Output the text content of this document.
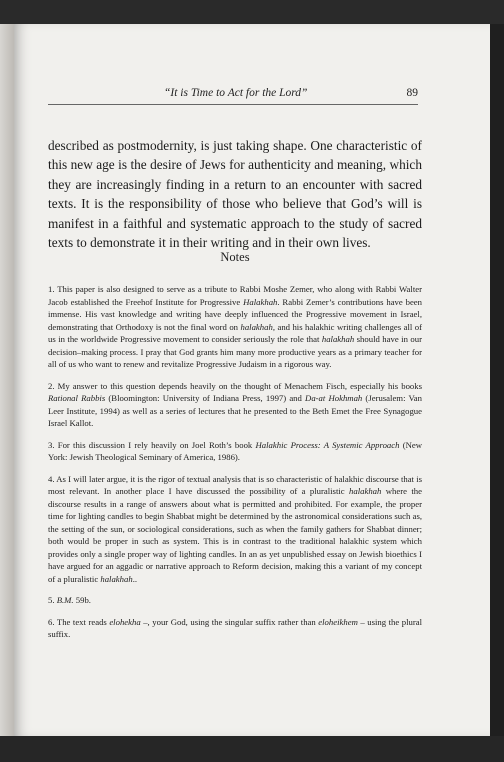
“It is Time to Act for the Lord”	89

described as postmodernity, is just taking shape. One characteristic of this new age is the desire of Jews for authenticity and meaning, which they are increasingly finding in a return to an encounter with sacred texts. It is the responsibility of those who believe that God’s will is manifest in a faithful and systematic approach to the study of sacred texts to demonstrate it in their writing and in their own lives.

Notes

1. This paper is also designed to serve as a tribute to Rabbi Moshe Zemer, who along with Rabbi Walter Jacob established the Freehof Institute for Progressive Halakhah. Rabbi Zemer’s contributions have been immense. His vast knowledge and writing have deeply influenced the Progressive movement in Israel, demonstrating that Orthodoxy is not the final word on halakhah, and his halakhic writing challenges all of us in the worldwide Progressive movement to consider seriously the role that halakhah should have in our decision–making process. I pray that God grants him many more productive years as a primary teacher for all of us who want to renew and revitalize Progressive Judaism in a rigorous way.

2. My answer to this question depends heavily on the thought of Menachem Fisch, especially his books Rational Rabbis (Bloomington: University of Indiana Press, 1997) and Da-at Hokhmah (Jerusalem: Van Leer Institute, 1994) as well as a series of lectures that he presented to the Beth Emet the Free Synagogue Israel Kallot.

3. For this discussion I rely heavily on Joel Roth’s book Halakhic Process: A Systemic Approach (New York: Jewish Theological Seminary of America, 1986).

4. As I will later argue, it is the rigor of textual analysis that is so characteristic of halakhic discourse that is most relevant. In another place I have discussed the possibility of a pluralistic halakhah where the discourse results in a range of answers about what is permitted and prohibited. For example, the proper time for lighting candles to begin Shabbat might be determined by the astronomical considerations such as, the setting of the sun, or sociological considerations, such as when the family gathers for Shabbat dinner; both would be proper in such as system. This is in contrast to the traditional halakhic system which provides only a single proper way of lighting candles. In an as yet unpublished essay on Jewish bioethics I have argued for an aggadic or narrative approach to Reform decision, making this a variant of my concept of a pluralistic halakhah..

5. B.M. 59b.

6. The text reads elohekha –, your God, using the singular suffix rather than eloheikhem – using the plural suffix.
